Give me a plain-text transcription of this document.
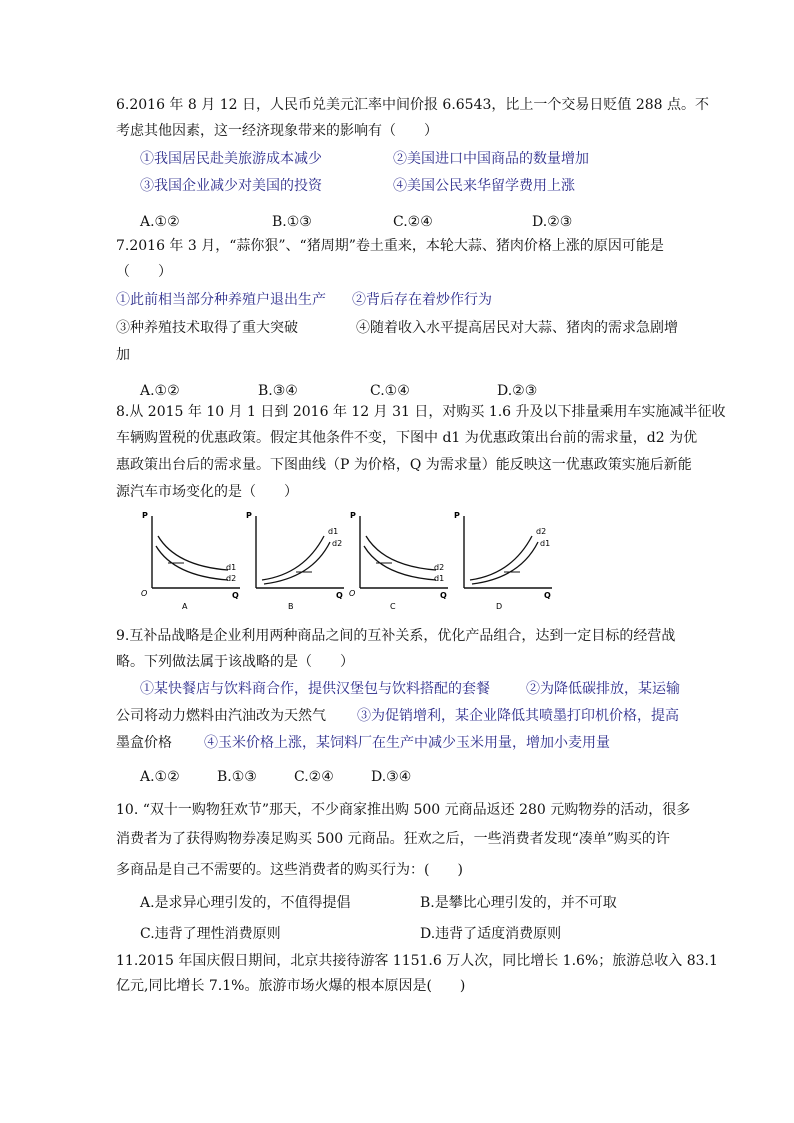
6.2016 年 8 月 12 日，人民币兑美元汇率中间价报 6.6543，比上一个交易日贬值 288 点。不
考虑其他因素，这一经济现象带来的影响有（　　）
①我国居民赴美旅游成本减少	②美国进口中国商品的数量增加
③我国企业减少对美国的投资	④美国公民来华留学费用上涨
A.①②	B.①③	C.②④	D.②③
7.2016 年 3 月，“蒜你狠”、“猪周期”卷土重来，本轮大蒜、猪肉价格上涨的原因可能是
（　　）
①此前相当部分种养殖户退出生产 ②背后存在着炒作行为
③种养殖技术取得了重大突破	④随着收入水平提高居民对大蒜、猪肉的需求急剧增
加
A.①②	B.③④	C.①④	D.②③
8.从 2015 年 10 月 1 日到 2016 年 12 月 31 日，对购买 1.6 升及以下排量乘用车实施减半征收
车辆购置税的优惠政策。假定其他条件不变，下图中 d1 为优惠政策出台前的需求量，d2 为优
惠政策出台后的需求量。下图曲线（P 为价格，Q 为需求量）能反映这一优惠政策实施后新能
源汽车市场变化的是（　　）
P
Q
O
d1
d2
A
P
Q
d1
d2
B
P
Q
O
d2
d1
C
P
Q
d2
d1
D
9.互补品战略是企业利用两种商品之间的互补关系，优化产品组合，达到一定目标的经营战
略。下列做法属于该战略的是（　　）
①某快餐店与饮料商合作，提供汉堡包与饮料搭配的套餐	②为降低碳排放，某运输
公司将动力燃料由汽油改为天然气 ③为促销增利，某企业降低其喷墨打印机价格，提高
墨盒价格 ④玉米价格上涨，某饲料厂在生产中减少玉米用量，增加小麦用量
A.①②	B.①③	C.②④	D.③④
10. “双十一购物狂欢节”那天，不少商家推出购 500 元商品返还 280 元购物券的活动，很多
消费者为了获得购物券凑足购买 500 元商品。狂欢之后，一些消费者发现“凑单”购买的许
多商品是自己不需要的。这些消费者的购买行为：(　　)
A.是求异心理引发的，不值得提倡	B.是攀比心理引发的，并不可取
C.违背了理性消费原则	D.违背了适度消费原则
11.2015 年国庆假日期间，北京共接待游客 1151.6 万人次，同比增长 1.6%；旅游总收入 83.1
亿元,同比增长 7.1%。旅游市场火爆的根本原因是(　　)
